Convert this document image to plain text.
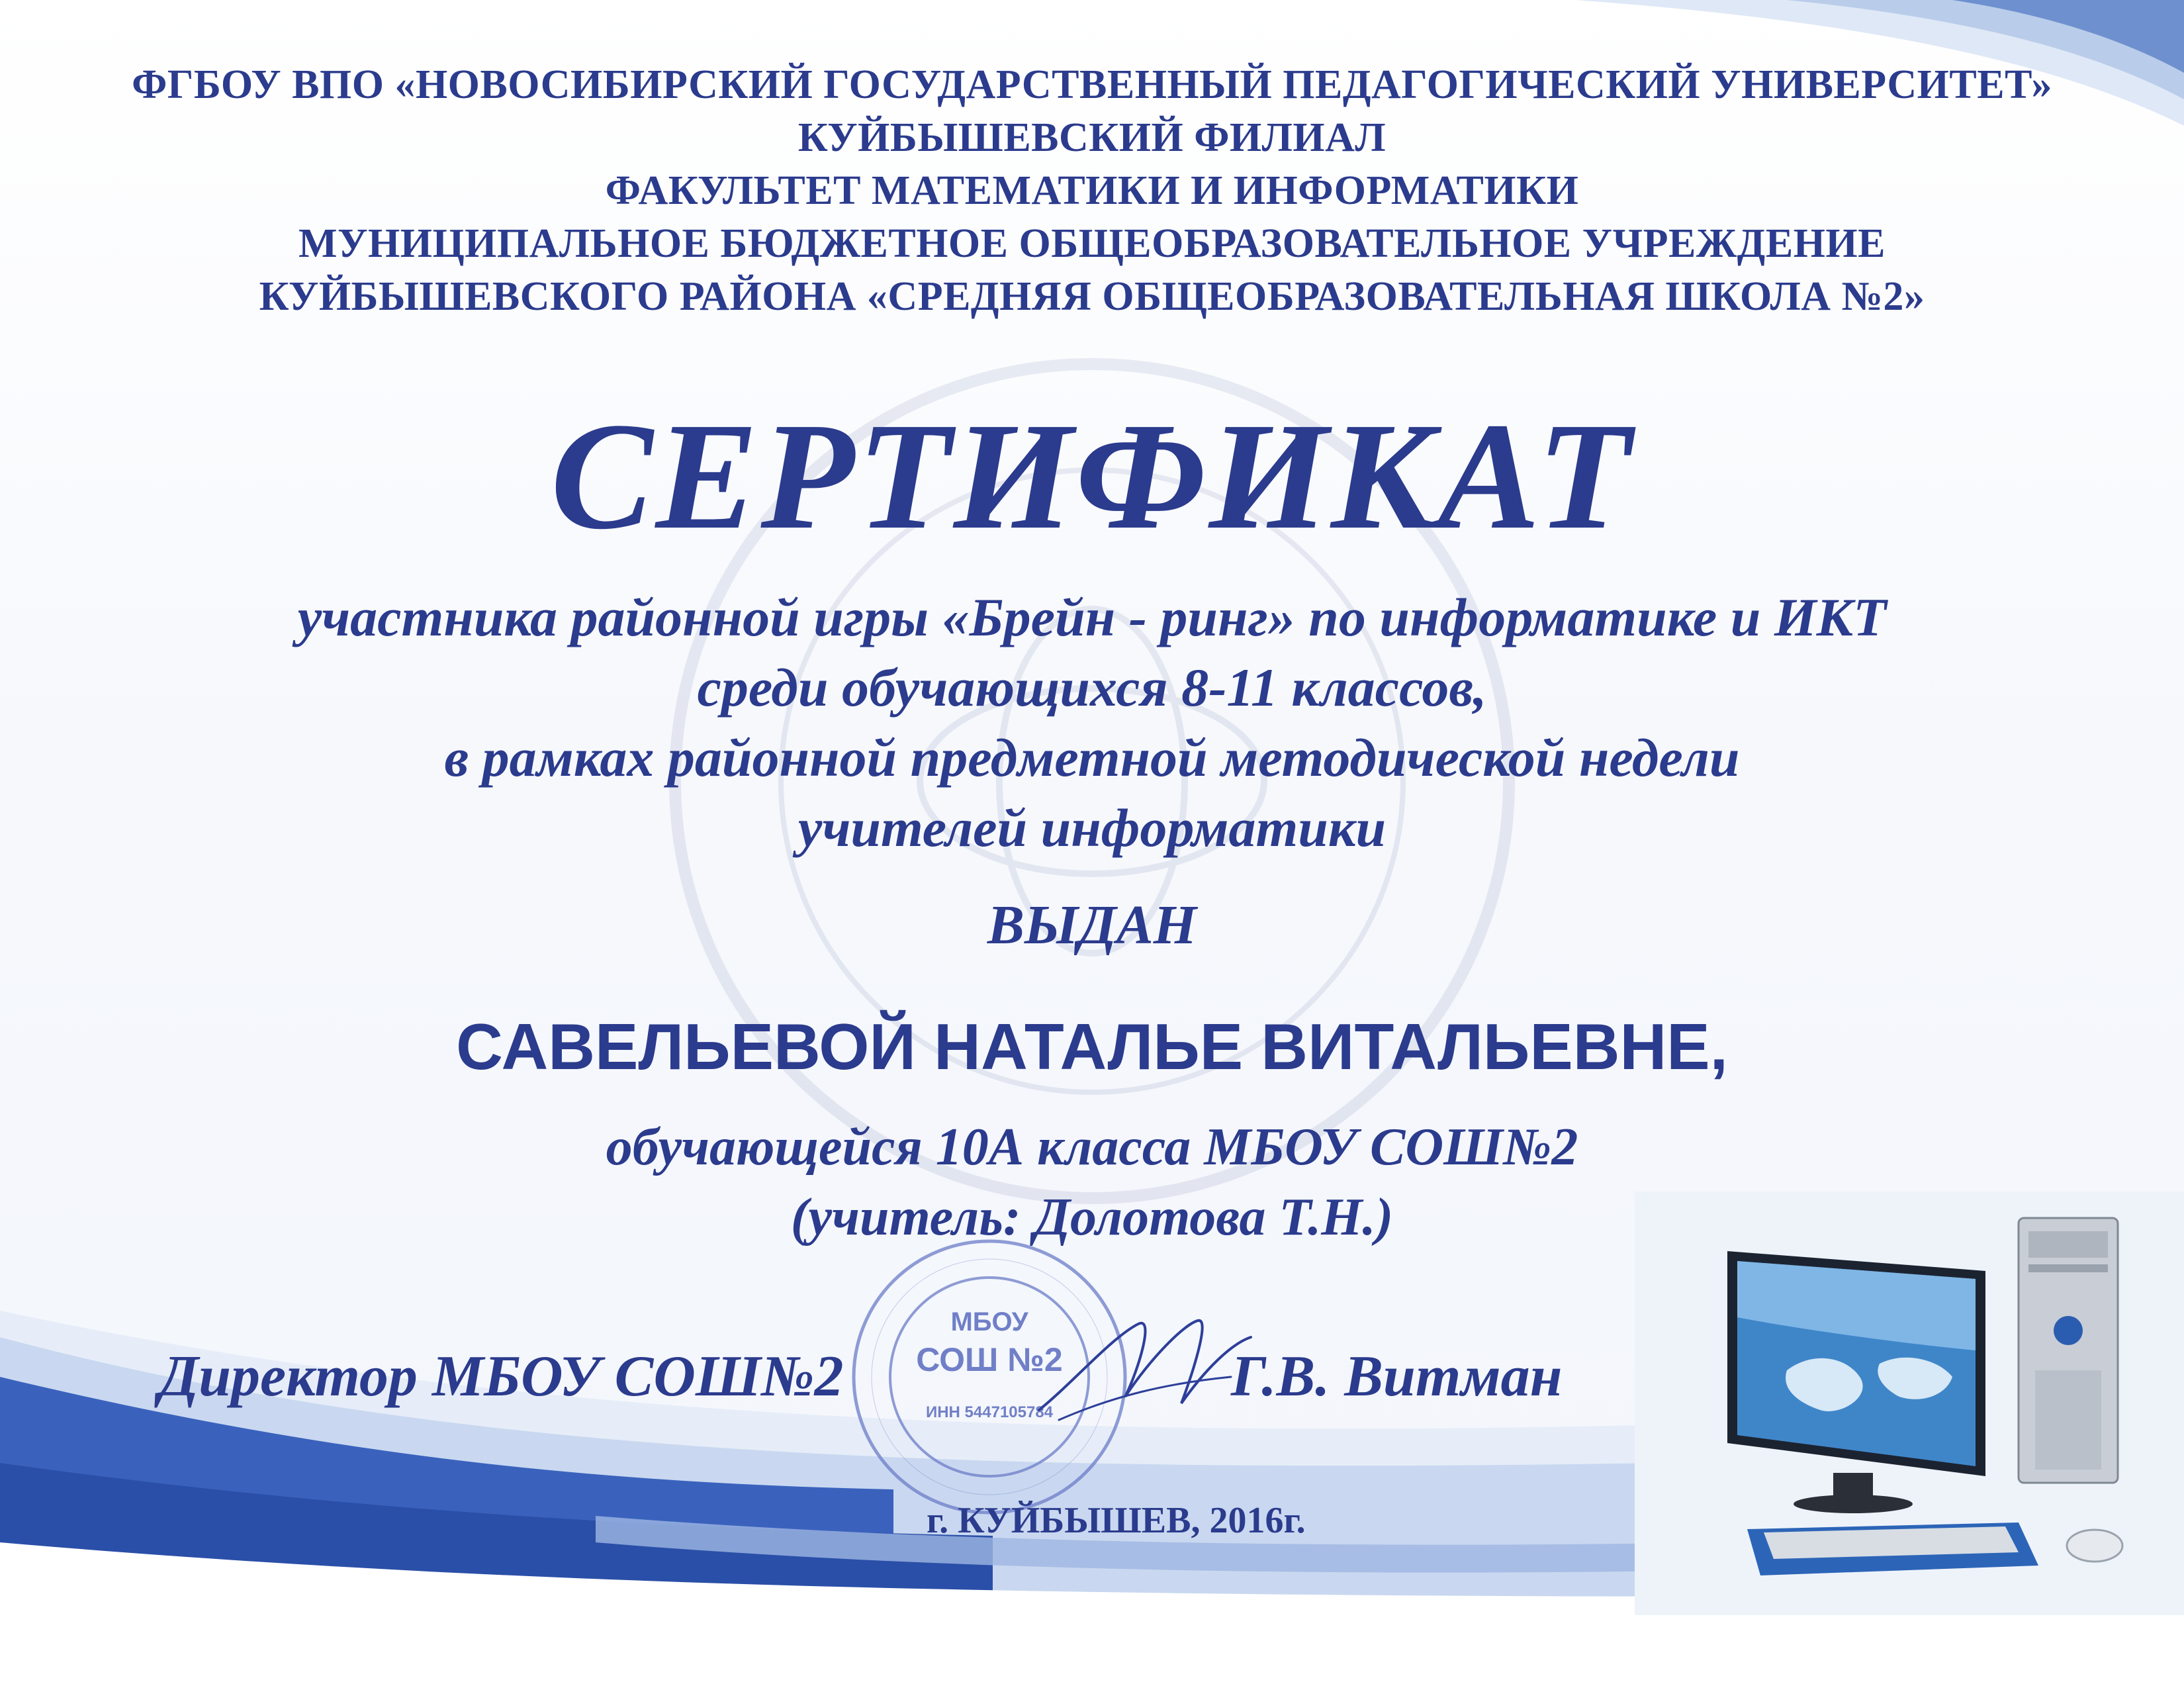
ФГБОУ ВПО «НОВОСИБИРСКИЙ ГОСУДАРСТВЕННЫЙ ПЕДАГОГИЧЕСКИЙ УНИВЕРСИТЕТ»
КУЙБЫШЕВСКИЙ ФИЛИАЛ
ФАКУЛЬТЕТ МАТЕМАТИКИ И ИНФОРМАТИКИ
МУНИЦИПАЛЬНОЕ БЮДЖЕТНОЕ ОБЩЕОБРАЗОВАТЕЛЬНОЕ УЧРЕЖДЕНИЕ
КУЙБЫШЕВСКОГО РАЙОНА «СРЕДНЯЯ ОБЩЕОБРАЗОВАТЕЛЬНАЯ ШКОЛА №2»
СЕРТИФИКАТ
участника районной игры «Брейн - ринг» по информатике и ИКТ
среди обучающихся 8-11 классов,
в рамках районной предметной методической недели
учителей информатики
ВЫДАН
САВЕЛЬЕВОЙ НАТАЛЬЕ ВИТАЛЬЕВНЕ,
обучающейся 10А класса МБОУ СОШ№2
(учитель: Долотова Т.Н.)
МБОУ
СОШ №2
ИНН 5447105784
Директор МБОУ СОШ№2	Г.В. Витман
г. КУЙБЫШЕВ, 2016г.
